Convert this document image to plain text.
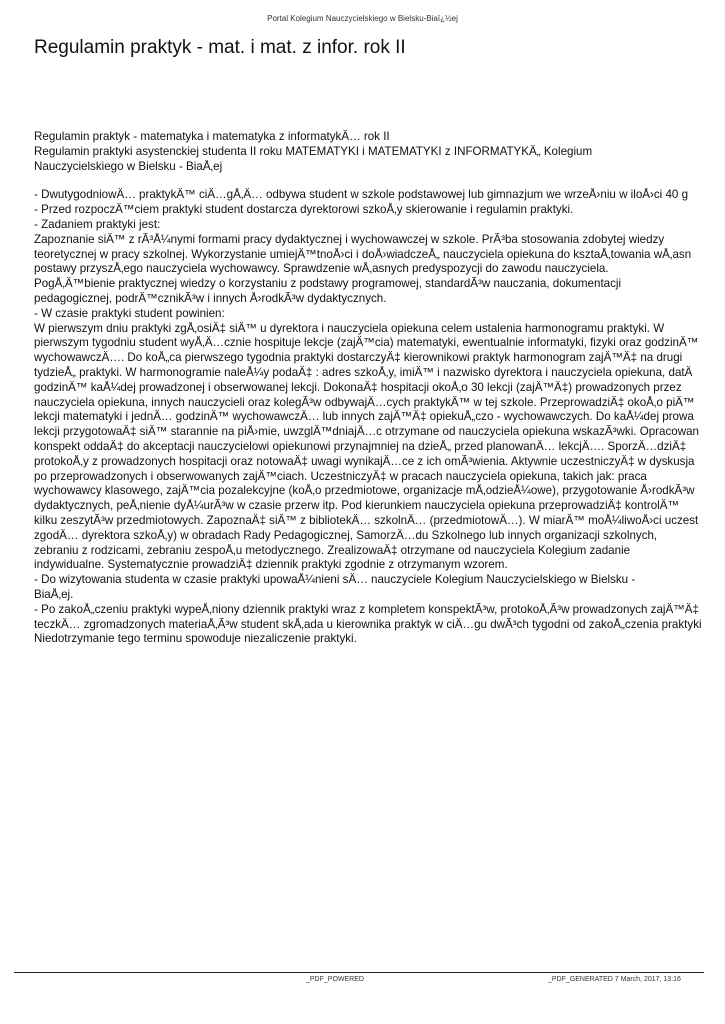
Portal Kolegium Nauczycielskiego w Bielsku-Biaï¿½ej
Regulamin praktyk - mat. i mat. z infor. rok II
Regulamin praktyk - matematyka i matematyka z informatykÄ… rok II
Regulamin praktyki asystenckiej studenta II roku MATEMATYKI i MATEMATYKI z INFORMATYKÄ„ Kolegium
Nauczycielskiego w Bielsku - BiaÅ‚ej
- DwutygodniowÄ… praktykÄ™ ciÄ…gÅ‚Ä… odbywa student w szkole podstawowej lub gimnazjum we wrzeÅ›niu w iloÅ›ci 40 g
- Przed rozpoczÄ™ciem praktyki student dostarcza dyrektorowi szkoÅ‚y skierowanie i regulamin praktyki.
- Zadaniem praktyki jest:
Zapoznanie siÄ™ z rÃ³Å¼nymi formami pracy dydaktycznej i wychowawczej w szkole. PrÃ³ba stosowania zdobytej wiedzy
teoretycznej w pracy szkolnej. Wykorzystanie umiejÄ™tnoÅ›ci i doÅ›wiadczeÅ„ nauczyciela opiekuna do ksztaÅ‚towania wÅ‚asn
postawy przyszÅ‚ego nauczyciela wychowawcy. Sprawdzenie wÅ‚asnych predyspozycji do zawodu nauczyciela.
PogÅ‚Ä™bienie praktycznej wiedzy o korzystaniu z podstawy programowej, standardÃ³w nauczania, dokumentacji
pedagogicznej, podrÄ™cznikÃ³w i innych Å›rodkÃ³w dydaktycznych.
- W czasie praktyki student powinien:
W pierwszym dniu praktyki zgÅ‚osiÄ‡ siÄ™ u dyrektora i nauczyciela opiekuna celem ustalenia harmonogramu praktyki. W
pierwszym tygodniu student wyÅ‚Ä…cznie hospituje lekcje (zajÄ™cia) matematyki, ewentualnie informatyki, fizyki oraz godzinÄ™
wychowawczÄ…. Do koÅ„ca pierwszego tygodnia praktyki dostarczyÄ‡ kierownikowi praktyk harmonogram zajÄ™Ä‡ na drugi
tydzieÅ„ praktyki. W harmonogramie naleÅ¼y podaÄ‡ : adres szkoÅ‚y, imiÄ™ i nazwisko dyrektora i nauczyciela opiekuna, datÄ
godzinÄ™ kaÅ¼dej prowadzonej i obserwowanej lekcji. DokonaÄ‡ hospitacji okoÅ‚o 30 lekcji (zajÄ™Ä‡) prowadzonych przez
nauczyciela opiekuna, innych nauczycieli oraz kolegÃ³w odbywajÄ…cych praktykÄ™ w tej szkole. PrzeprowadziÄ‡ okoÅ‚o piÄ™
lekcji matematyki i jednÄ… godzinÄ™ wychowawczÄ… lub innych zajÄ™Ä‡ opiekuÅ„czo - wychowawczych. Do kaÅ¼dej prowa
lekcji przygotowaÄ‡ siÄ™ starannie na piÅ›mie, uwzglÄ™dniajÄ…c otrzymane od nauczyciela opiekuna wskazÃ³wki. Opracowan
konspekt oddaÄ‡ do akceptacji nauczycielowi opiekunowi przynajmniej na dzieÅ„ przed planowanÄ… lekcjÄ…. SporzÄ…dziÄ‡
protokoÅ‚y z prowadzonych hospitacji oraz notowaÄ‡ uwagi wynikajÄ…ce z ich omÃ³wienia. Aktywnie uczestniczyÄ‡ w dyskusja
po przeprowadzonych i obserwowanych zajÄ™ciach. UczestniczyÄ‡ w pracach nauczyciela opiekuna, takich jak: praca
wychowawcy klasowego, zajÄ™cia pozalekcyjne (koÅ‚o przedmiotowe, organizacje mÅ‚odzieÅ¼owe), przygotowanie Å›rodkÃ³w
dydaktycznych, peÅ‚nienie dyÅ¼urÃ³w w czasie przerw itp. Pod kierunkiem nauczyciela opiekuna przeprowadziÄ‡ kontrolÄ™
kilku zeszytÃ³w przedmiotowych. ZapoznaÄ‡ siÄ™ z bibliotekÄ… szkolnÄ… (przedmiotowÄ…). W miarÄ™ moÅ¼liwoÅ›ci uczest
zgodÄ… dyrektora szkoÅ‚y) w obradach Rady Pedagogicznej, SamorzÄ…du Szkolnego lub innych organizacji szkolnych,
zebraniu z rodzicami, zebraniu zespoÅ‚u metodycznego. ZrealizowaÄ‡ otrzymane od nauczyciela Kolegium zadanie
indywidualne. Systematycznie prowadziÄ‡ dziennik praktyki zgodnie z otrzymanym wzorem.
- Do wizytowania studenta w czasie praktyki upowaÅ¼nieni sÄ… nauczyciele Kolegium Nauczycielskiego w Bielsku -
BiaÅ‚ej.
- Po zakoÅ„czeniu praktyki wypeÅ‚niony dziennik praktyki wraz z kompletem konspektÃ³w, protokoÅ‚Ã³w prowadzonych zajÄ™Ä‡
teczkÄ… zgromadzonych materiaÅ‚Ã³w student skÅ‚ada u kierownika praktyk w ciÄ…gu dwÃ³ch tygodni od zakoÅ„czenia praktyki
Niedotrzymanie tego terminu spowoduje niezaliczenie praktyki.
_PDF_POWERED	_PDF_GENERATED 7 March, 2017, 13:16
